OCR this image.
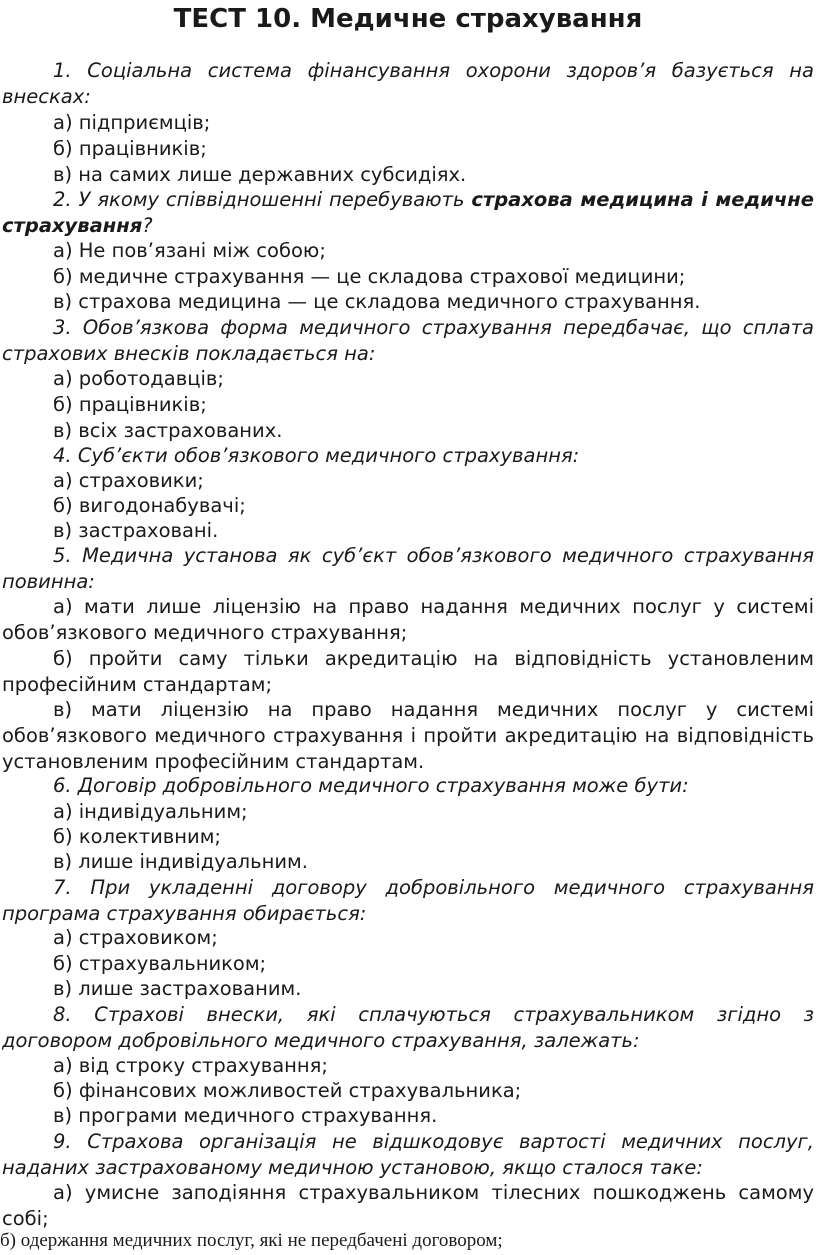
ТЕСТ 10. Медичне страхування

1. Соціальна система фінансування охорони здоров’я базується на внесках:

а) підприємців;

б) працівників;

в) на самих лише державних субсидіях.

2. У якому співвідношенні перебувають страхова медицина і медичне страхування?

а) Не пов’язані між собою;

б) медичне страхування — це складова страхової медицини;

в) страхова медицина — це складова медичного страхування.

3. Обов’язкова форма медичного страхування передбачає, що сплата страхових внесків покладається на:

а) роботодавців;

б) працівників;

в) всіх застрахованих.

4. Суб’єкти обов’язкового медичного страхування:

а) страховики;

б) вигодонабувачі;

в) застраховані.

5. Медична установа як суб’єкт обов’язкового медичного страхування повинна:

а) мати лише ліцензію на право надання медичних послуг у системі обов’язкового медичного страхування;

б) пройти саму тільки акредитацію на відповідність установленим професійним стандартам;

в) мати ліцензію на право надання медичних послуг у системі обов’язкового медичного страхування і пройти акредитацію на відповідність установленим професійним стандартам.

6. Договір добровільного медичного страхування може бути:

а) індивідуальним;

б) колективним;

в) лише індивідуальним.

7. При укладенні договору добровільного медичного страхування програма страхування обирається:

а) страховиком;

б) страхувальником;

в) лише застрахованим.

8. Страхові внески, які сплачуються страхувальником згідно з договором добровільного медичного страхування, залежать:

а) від строку страхування;

б) фінансових можливостей страхувальника;

в) програми медичного страхування.

9. Страхова організація не відшкодовує вартості медичних послуг, наданих застрахованому медичною установою, якщо сталося таке:

а) умисне заподіяння страхувальником тілесних пошкоджень самому собі;

б) одержання медичних послуг, які не передбачені договором;
